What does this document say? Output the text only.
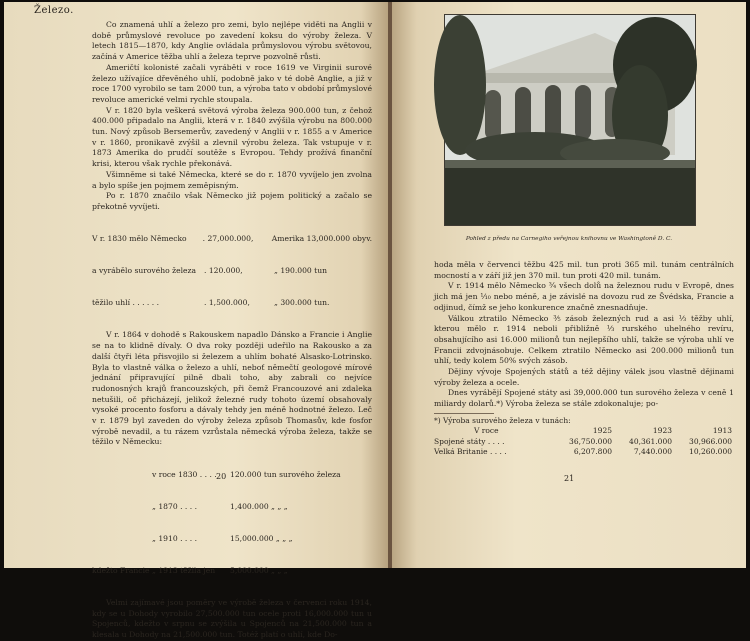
Železo.

Co znamená uhlí a železo pro zemi, bylo nejlépe viděti na Anglii v době průmyslové revoluce po zavedení koksu do výroby železa. V letech 1815—1870, kdy Anglie ovládala průmyslovou výrobu světovou, začíná v Americe těžba uhlí a železa teprve pozvolně růsti.

Američtí kolonisté začali vyráběti v roce 1619 ve Virginii surové železo užívajíce dřevěného uhlí, podobně jako v té době Anglie, a již v roce 1700 vyrobilo se tam 2000 tun, a výroba tato v období průmyslové revoluce americké velmi rychle stoupala.

V r. 1820 byla veškerá světová výroba železa 900.000 tun, z čehož 400.000 připadalo na Anglii, která v r. 1840 zvýšila výrobu na 800.000 tun. Nový způsob Bersemerův, zavedený v Anglii v r. 1855 a v Americe v r. 1860, pronikavě zvýšil a zlevnil výrobu železa. Tak vstupuje v r. 1873 Amerika do prudčí soutěže s Evropou. Tehdy prožívá finanční krisi, kterou však rychle překonává.

Všimněme si také Německa, které se do r. 1870 vyvíjelo jen zvolna a bylo spíše jen pojmem zeměpisným.

Po r. 1870 značilo však Německo již pojem politický a začalo se překotně vyvíjeti.

V r. 1830 mělo Německo	. 27,000.000,	Amerika 13,000.000 obyv.

a vyrábělo surového železa	. 120.000,	„ 190.000 tun

těžilo uhlí . . . . . .	. 1,500.000,	„ 300.000 tun.

V r. 1864 v dohodě s Rakouskem napadlo Dánsko a Francie i Anglie se na to klidně dívaly. O dva roky později udeřilo na Rakousko a za další čtyři léta přisvojilo si železem a uhlím bohaté Alsasko-Lotrinsko. Byla to vlastně válka o železo a uhlí, neboť němečtí geologové mírové jednání připravující pilně dbali toho, aby zabrali co nejvíce rudonosných krajů francouzských, při čemž Francouzové ani zdaleka netušili, oč přicházejí, jelikož železné rudy tohoto území obsahovaly vysoké procento fosforu a dávaly tehdy jen méně hodnotné železo. Leč v r. 1879 byl zaveden do výroby železa způsob Thomasův, kde fosfor výrobě nevadil, a tu rázem vzrůstala německá výroba železa, takže se těžilo v Německu:

v roce 1830 . . . .	120.000 tun surového železa

„ 1870 . . . .	1,400.000 „ „ „

„ 1910 . . . .	15,000.000 „ „ „

kdežto Francie „ 1913 těžila jen	5,000.000 „ „ „

Velmi zajímavé jsou poměry ve výrobě železa v červenci roku 1914, kdy se u Dohody vyrobilo 27,500.000 tun ocele proti 16,000.000 tun u Spojenců, kdežto v srpnu se zvýšila u Spojenců na 21,500.000 tun a klesala u Dohody na 21,500.000 tun. Totéž platí o uhlí, kde Do-

20
Pohled z předu na Carnegiho veřejnou knihovnu ve Washingtoně D. C.

hoda měla v červenci těžbu 425 mil. tun proti 365 mil. tunám centrálních mocností a v září již jen 370 mil. tun proti 420 mil. tunám.

V r. 1914 mělo Německo ¾ všech dolů na železnou rudu v Evropě, dnes jich má jen ¹⁄₁₀ nebo méně, a je závislé na dovozu rud ze Švédska, Francie a odjinud, čímž se jeho konkurence značně znesnadňuje.

Válkou ztratilo Německo ³⁄₅ zásob železných rud a asi ¹⁄₃ těžby uhlí, kterou mělo r. 1914 neboli přibližně ¹⁄₃ rurského uhelného revíru, obsahujícího asi 16.000 milionů tun nejlepšího uhlí, takže se výroba uhlí ve Francii zdvojnásobuje. Celkem ztratilo Německo asi 200.000 milionů tun uhlí, tedy kolem 50% svých zásob.

Dějiny vývoje Spojených států a též dějiny válek jsou vlastně dějinami výroby železa a ocele.

Dnes vyrábějí Spojené státy asi 39,000.000 tun surového železa v ceně 1 miliardy dolarů.*) Výroba železa se stále zdokonaluje; po-

*) Výroba surového železa v tunách:
V roce	1925	1923	1913
Spojené státy . . . .	36,750.000	40,361.000	30,966.000
Velká Britanie . . . .	6,207.800	7,440.000	10,260.000
21
